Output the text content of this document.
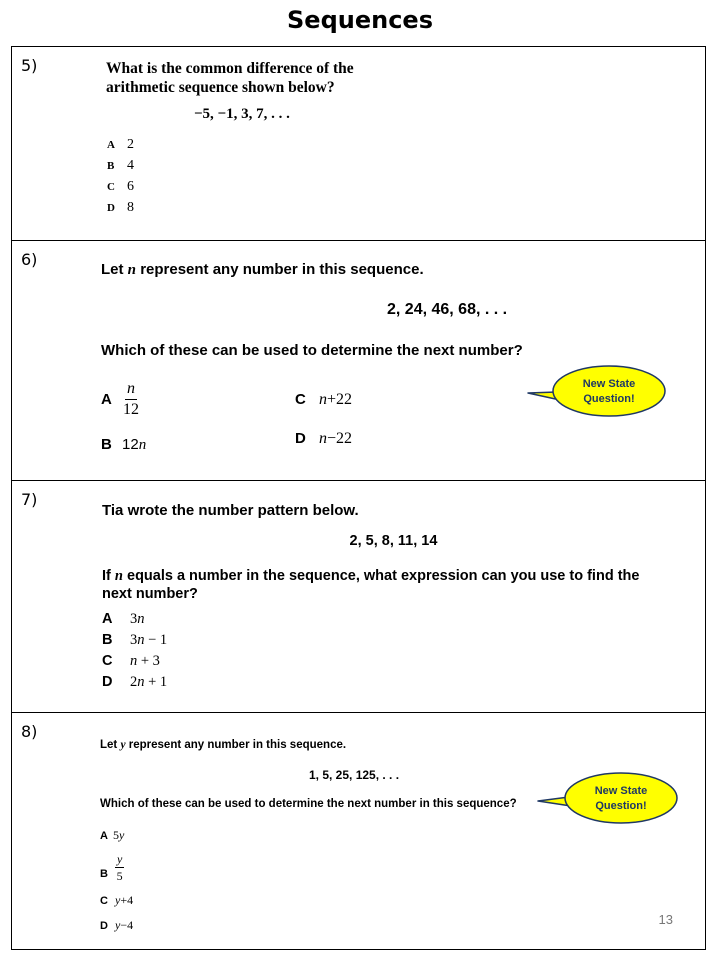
Sequences
5)	What is the common difference of the
arithmetic sequence shown below?
−5, −1, 3, 7, . . .
A 2
B 4
C 6
D 8
6)
Let n represent any number in this sequence.
2, 24, 46, 68, . . .
Which of these can be used to determine the next number?
A $\frac{n}{12}$
B 12n
C n+22
D n−22
New State
Question!
7)
Tia wrote the number pattern below.
2, 5, 8, 11, 14
If n equals a number in the sequence, what expression can you use to find the
next number?
A 3n
B 3n − 1
C n + 3
D 2n + 1
8)
Let y represent any number in this sequence.
1, 5, 25, 125, . . .
Which of these can be used to determine the next number in this sequence?
A 5y
B $\frac{y}{5}$
C y+4
D y−4
New State
Question!
13
